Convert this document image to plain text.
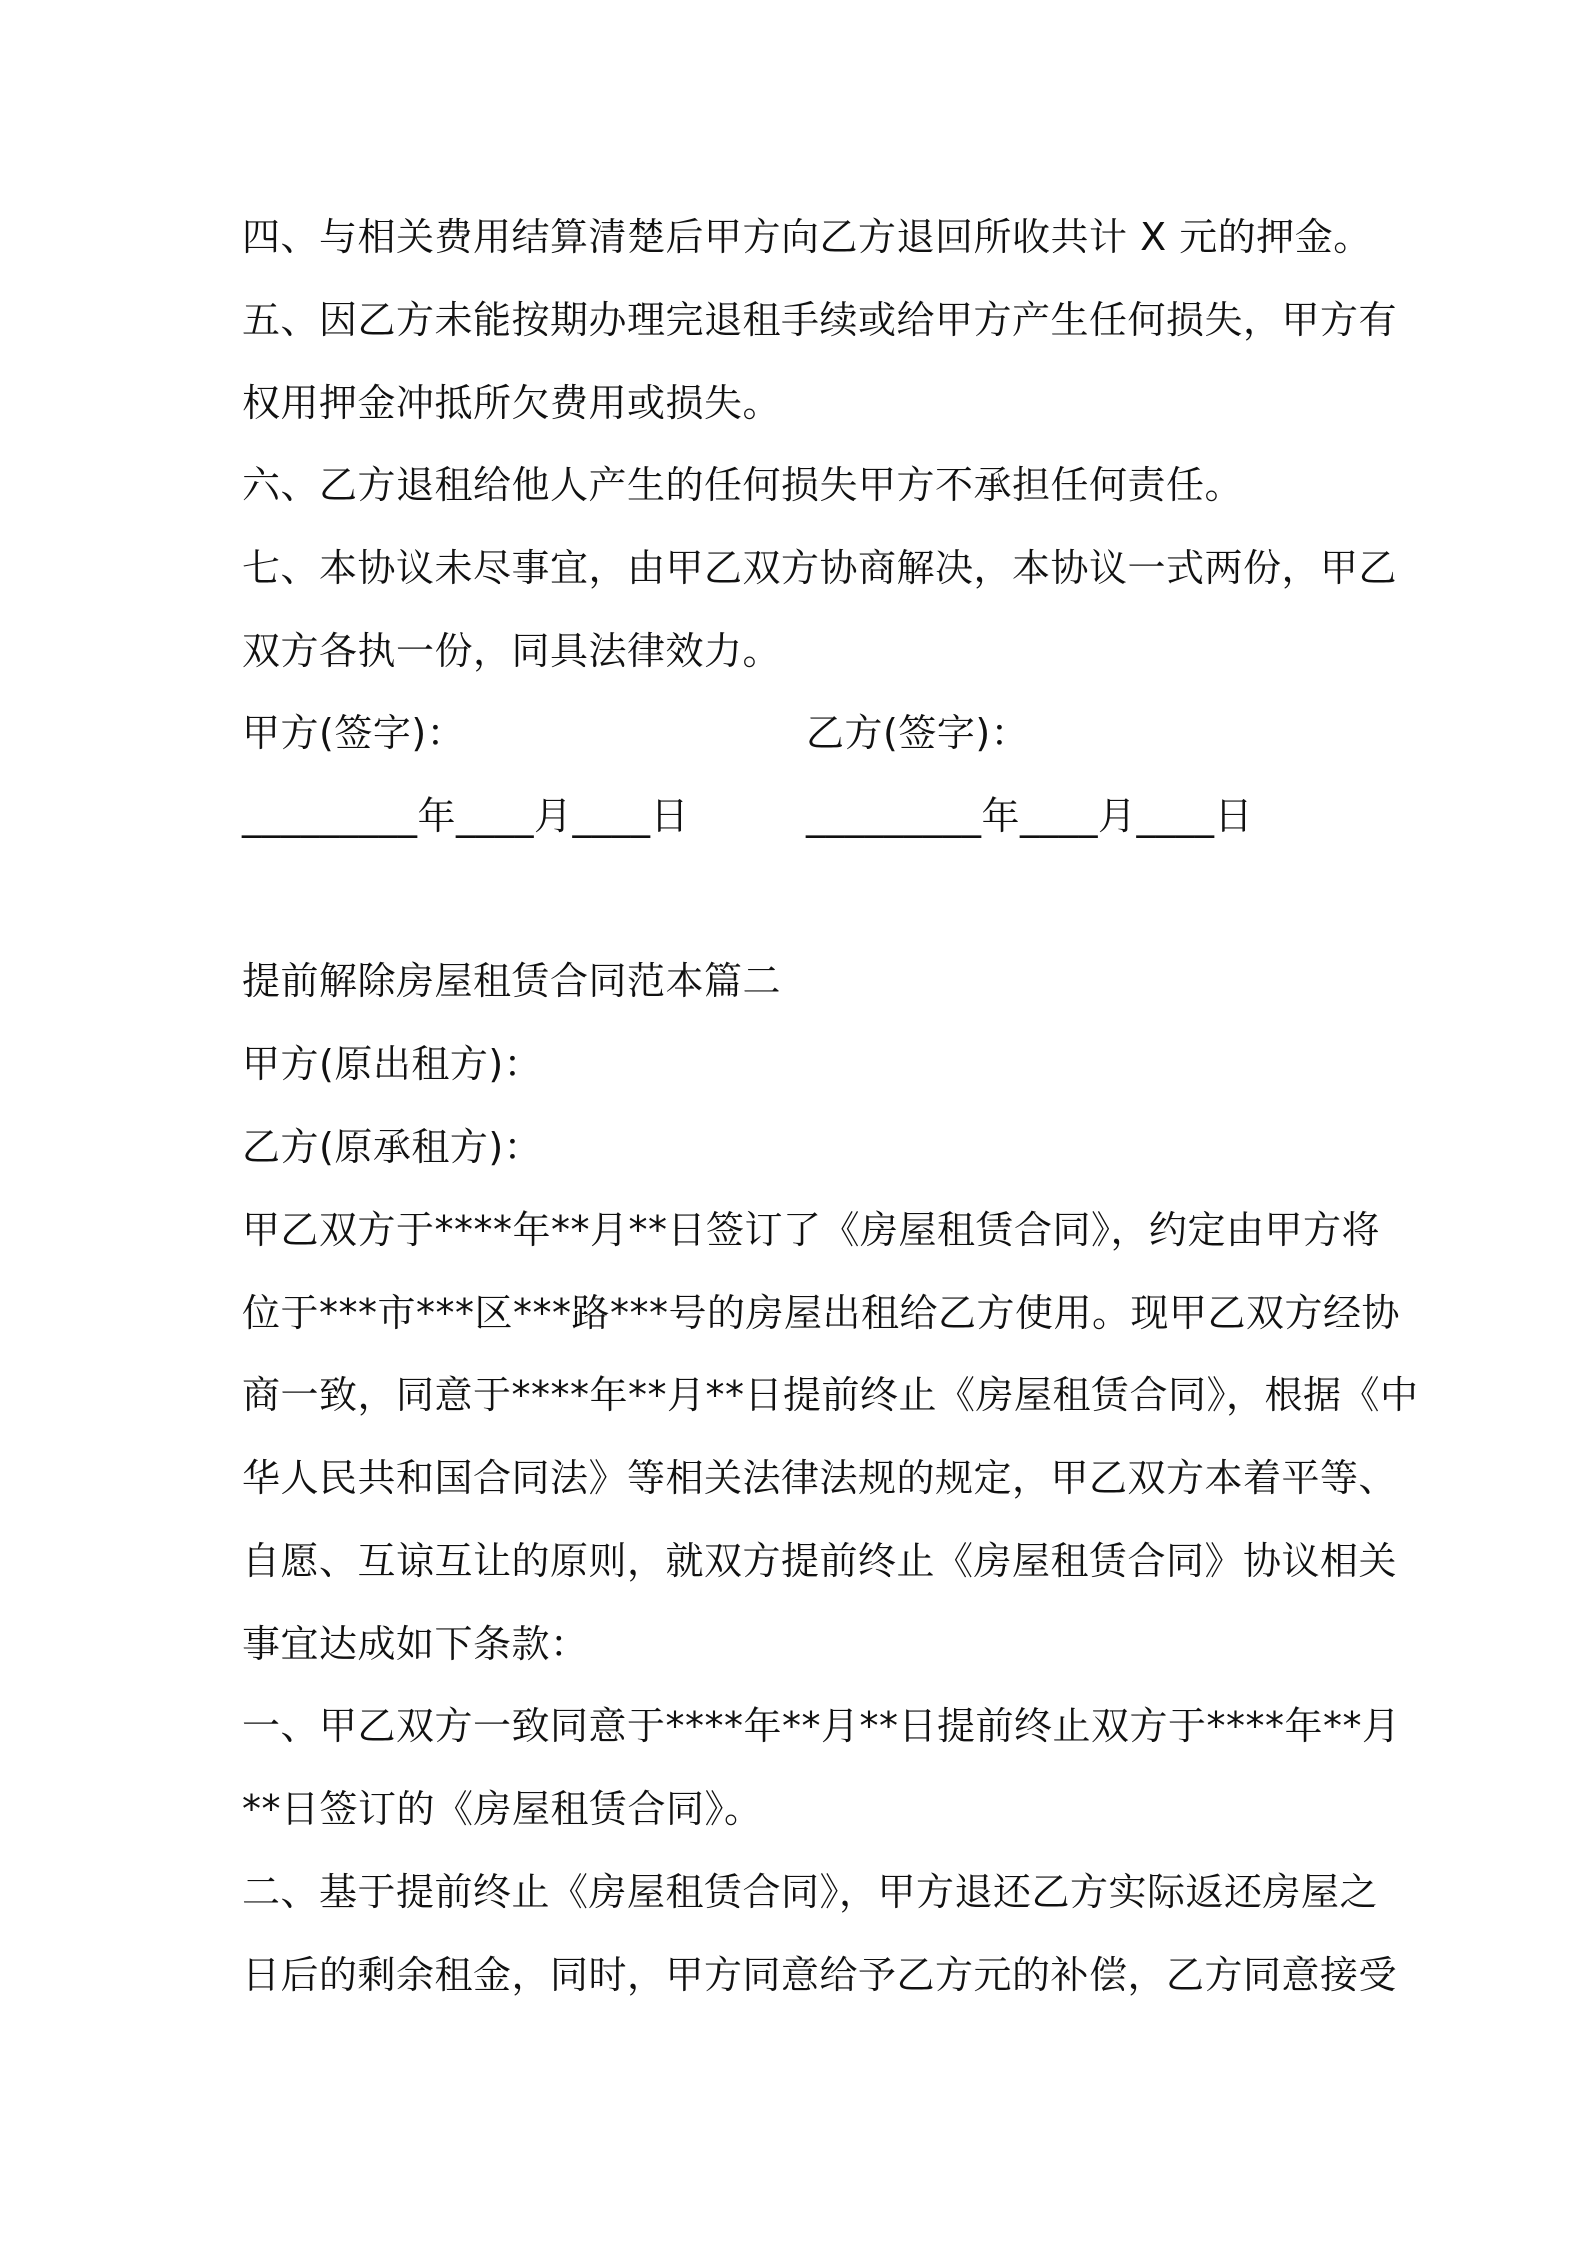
四、与相关费用结算清楚后甲方向乙方退回所收共计 X 元的押金。
五、因乙方未能按期办理完退租手续或给甲方产生任何损失，甲方有
权用押金冲抵所欠费用或损失。
六、乙方退租给他人产生的任何损失甲方不承担任何责任。
七、本协议未尽事宜，由甲乙双方协商解决，本协议一式两份，甲乙
双方各执一份，同具法律效力。
甲方(签字)：	乙方(签字)：
_________年____月____日	_________年____月____日
提前解除房屋租赁合同范本篇二
甲方(原出租方)：
乙方(原承租方)：
甲乙双方于****年**月**日签订了《房屋租赁合同》，约定由甲方将
位于***市***区***路***号的房屋出租给乙方使用。现甲乙双方经协
商一致，同意于****年**月**日提前终止《房屋租赁合同》，根据《中
华人民共和国合同法》等相关法律法规的规定，甲乙双方本着平等、
自愿、互谅互让的原则，就双方提前终止《房屋租赁合同》协议相关
事宜达成如下条款：
一、甲乙双方一致同意于****年**月**日提前终止双方于****年**月
**日签订的《房屋租赁合同》。
二、基于提前终止《房屋租赁合同》，甲方退还乙方实际返还房屋之
日后的剩余租金，同时，甲方同意给予乙方元的补偿，乙方同意接受
